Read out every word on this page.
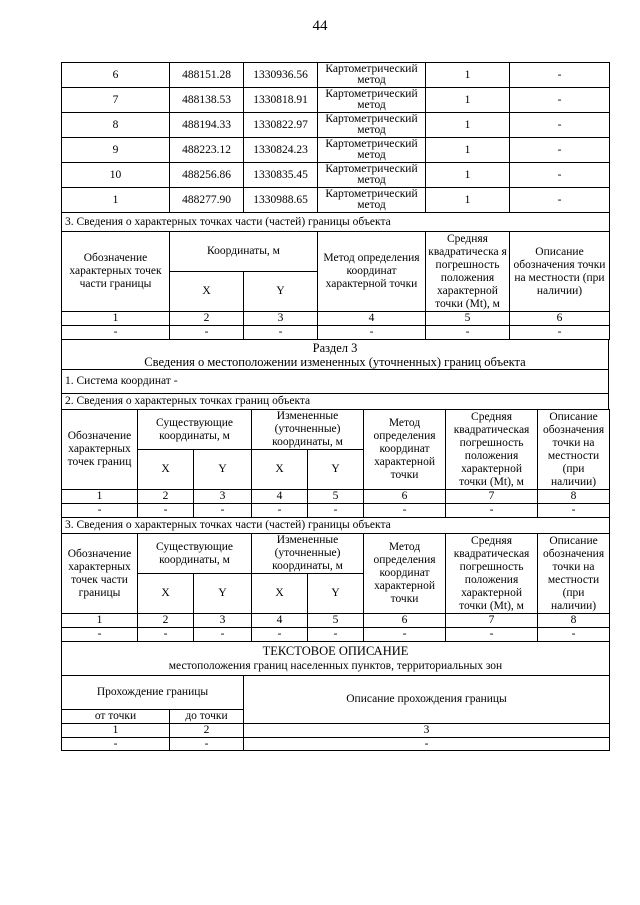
44
6	488151.28	1330936.56	Картометрический метод	1	-
7	488138.53	1330818.91	Картометрический метод	1	-
8	488194.33	1330822.97	Картометрический метод	1	-
9	488223.12	1330824.23	Картометрический метод	1	-
10	488256.86	1330835.45	Картометрический метод	1	-
1	488277.90	1330988.65	Картометрический метод	1	-
3. Сведения о характерных точках части (частей) границы объекта					
Обозначение характерных точек части границы	Координаты, м		Метод определения координат характерной точки	Средняя квадратическа я погрешность положения характерной точки (Mt), м	Описание обозначения точки на местности (при наличии)
	X	Y			
1	2	3	4	5	6
-	-	-	-	-	-
Раздел 3
Сведения о местоположении измененных (уточненных) границ объекта
1. Система координат -
2. Сведения о характерных точках границ объекта
Обозначение характерных точек границ	Существующие координаты, м		Измененные (уточненные) координаты, м		Метод определения координат характерной точки	Средняя квадратическая погрешность положения характерной точки (Mt), м	Описание обозначения точки на местности (при наличии)
	X	Y	X	Y			
1	2	3	4	5	6	7	8
-	-	-	-	-	-	-	-
3. Сведения о характерных точках части (частей) границы объекта							
Обозначение характерных точек части границы	Существующие координаты, м		Измененные (уточненные) координаты, м		Метод определения координат характерной точки	Средняя квадратическая погрешность положения характерной точки (Mt), м	Описание обозначения точки на местности (при наличии)
	X	Y	X	Y			
1	2	3	4	5	6	7	8
-	-	-	-	-	-	-	-
ТЕКСТОВОЕ ОПИСАНИЕ
местоположения границ населенных пунктов, территориальных зон		
Прохождение границы		Описание прохождения границы
от точки	до точки	
1	2	3
-	-	-
